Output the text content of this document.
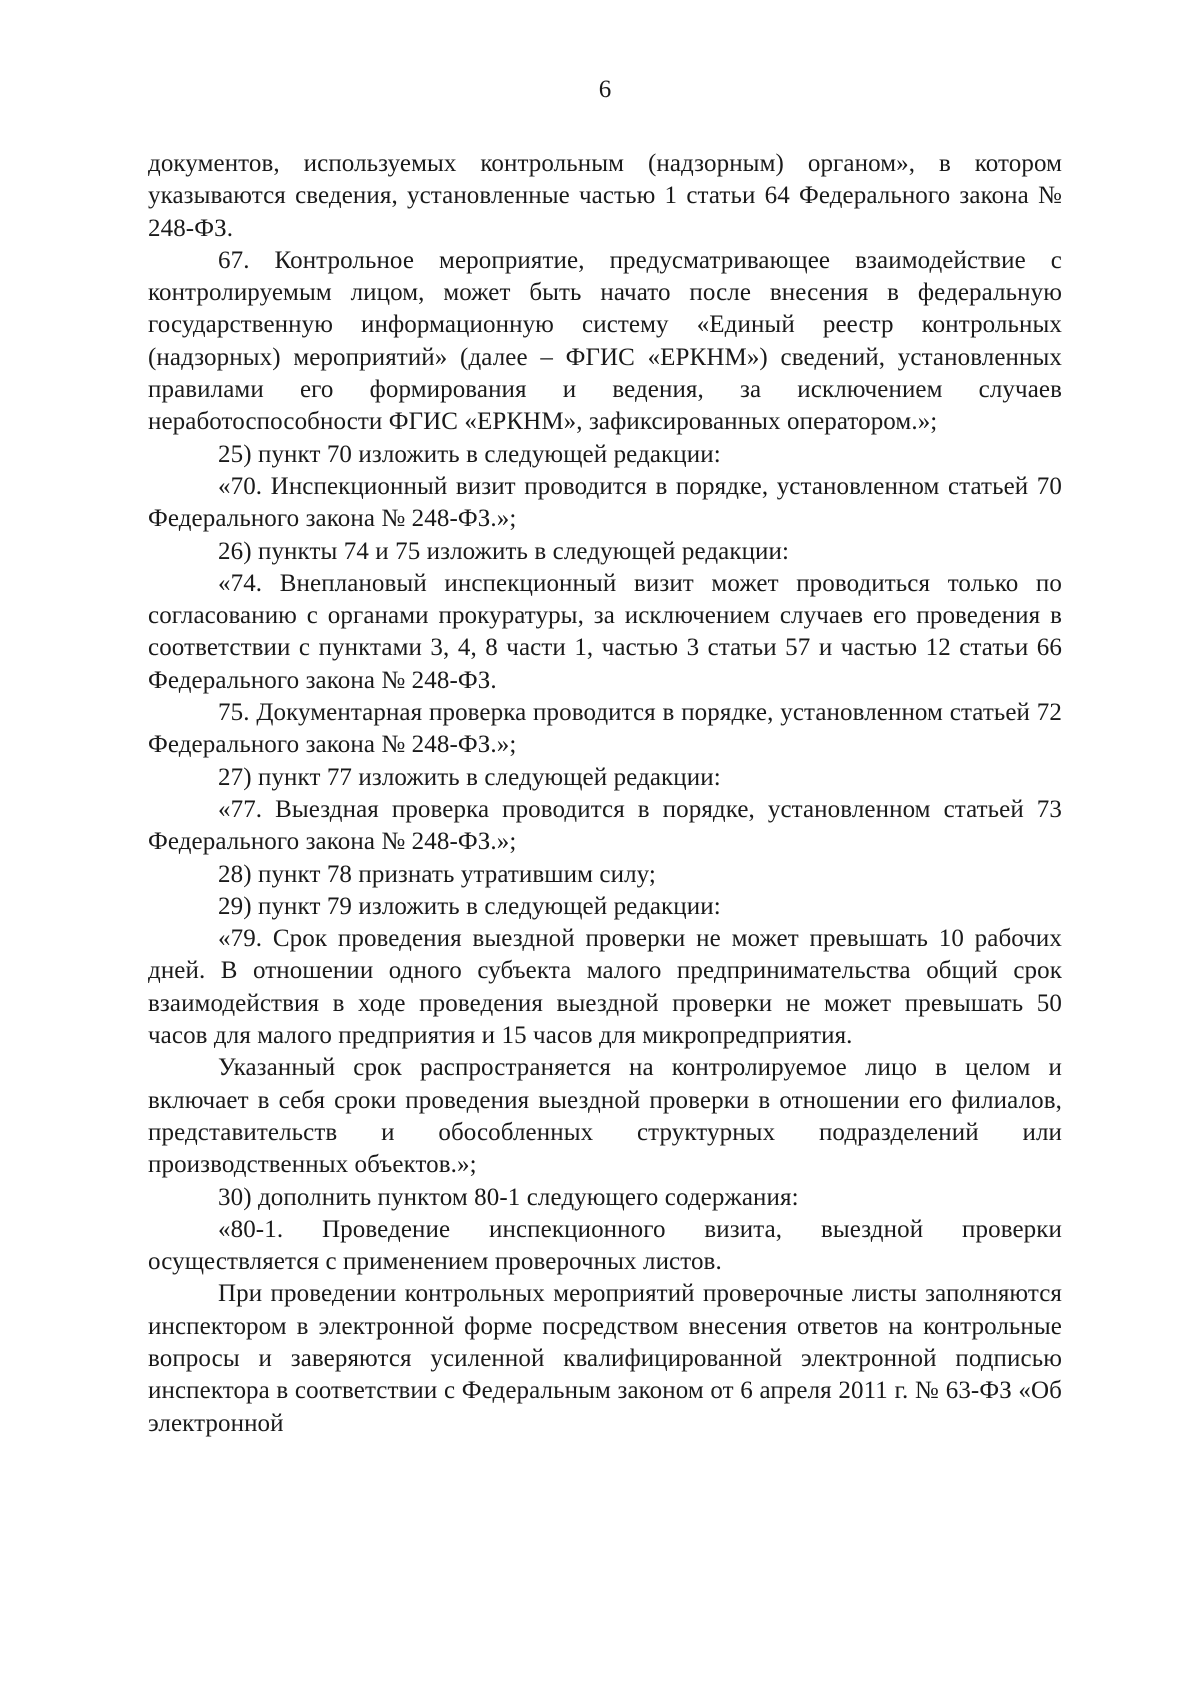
6

документов, используемых контрольным (надзорным) органом», в котором указываются сведения, установленные частью 1 статьи 64 Федерального закона № 248-ФЗ.

67. Контрольное мероприятие, предусматривающее взаимодействие с контролируемым лицом, может быть начато после внесения в федеральную государственную информационную систему «Единый реестр контрольных (надзорных) мероприятий» (далее – ФГИС «ЕРКНМ») сведений, установленных правилами его формирования и ведения, за исключением случаев неработоспособности ФГИС «ЕРКНМ», зафиксированных оператором.»;

25) пункт 70 изложить в следующей редакции:

«70. Инспекционный визит проводится в порядке, установленном статьей 70 Федерального закона № 248-ФЗ.»;

26) пункты 74 и 75 изложить в следующей редакции:

«74. Внеплановый инспекционный визит может проводиться только по согласованию с органами прокуратуры, за исключением случаев его проведения в соответствии с пунктами 3, 4, 8 части 1, частью 3 статьи 57 и частью 12 статьи 66 Федерального закона № 248-ФЗ.

75. Документарная проверка проводится в порядке, установленном статьей 72 Федерального закона № 248-ФЗ.»;

27) пункт 77 изложить в следующей редакции:

«77. Выездная проверка проводится в порядке, установленном статьей 73 Федерального закона № 248-ФЗ.»;

28) пункт 78 признать утратившим силу;

29) пункт 79 изложить в следующей редакции:

«79. Срок проведения выездной проверки не может превышать 10 рабочих дней. В отношении одного субъекта малого предпринимательства общий срок взаимодействия в ходе проведения выездной проверки не может превышать 50 часов для малого предприятия и 15 часов для микропредприятия.

Указанный срок распространяется на контролируемое лицо в целом и включает в себя сроки проведения выездной проверки в отношении его филиалов, представительств и обособленных структурных подразделений или производственных объектов.»;

30) дополнить пунктом 80-1 следующего содержания:

«80-1. Проведение инспекционного визита, выездной проверки осуществляется с применением проверочных листов.

При проведении контрольных мероприятий проверочные листы заполняются инспектором в электронной форме посредством внесения ответов на контрольные вопросы и заверяются усиленной квалифицированной электронной подписью инспектора в соответствии с Федеральным законом от 6 апреля 2011 г. № 63-ФЗ «Об электронной
